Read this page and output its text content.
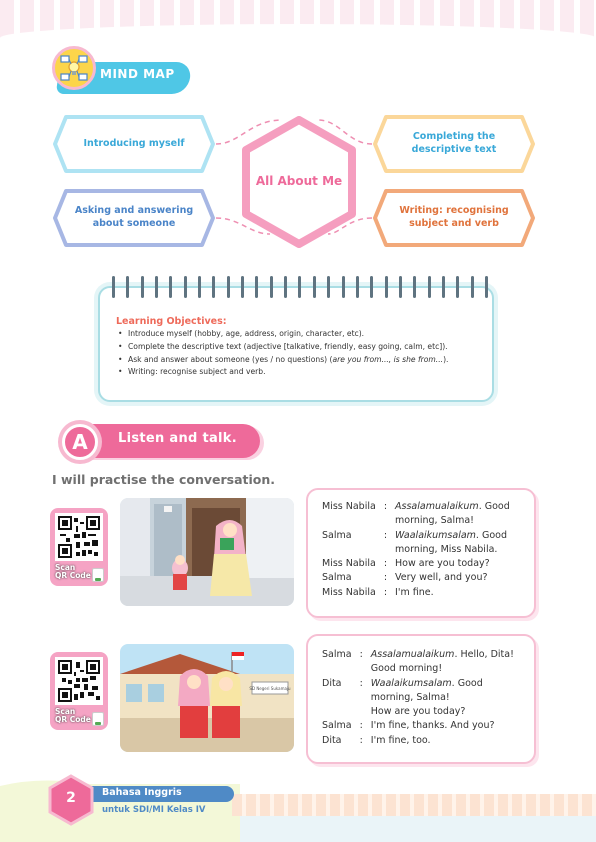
MIND MAP
Introducing myself
Asking and answering about someone
Completing the descriptive text
Writing: recognising subject and verb
All About Me
Learning Objectives:
• Introduce myself (hobby, age, address, origin, character, etc).
• Complete the descriptive text (adjective [talkative, friendly, easy going, calm, etc]).
• Ask and answer about someone (yes / no questions) (are you from..., is she from...).
• Writing: recognise subject and verb.
A	Listen and talk.
I will practise the conversation.
Scan
QR Code
Miss Nabila	:	Assalamualaikum. Good morning, Salma!
Salma	:	Waalaikumsalam. Good morning, Miss Nabila.
Miss Nabila	:	How are you today?
Salma	:	Very well, and you?
Miss Nabila	:	I'm fine.
Scan
QR Code
SD Negeri Sukamaju
Salma	:	Assalamualaikum. Hello, Dita! Good morning!
Dita	:	Waalaikumsalam. Good morning, Salma!
How are you today?
Salma	:	I'm fine, thanks. And you?
Dita	:	I'm fine, too.
2	Bahasa Inggris
untuk SDI/MI Kelas IV
